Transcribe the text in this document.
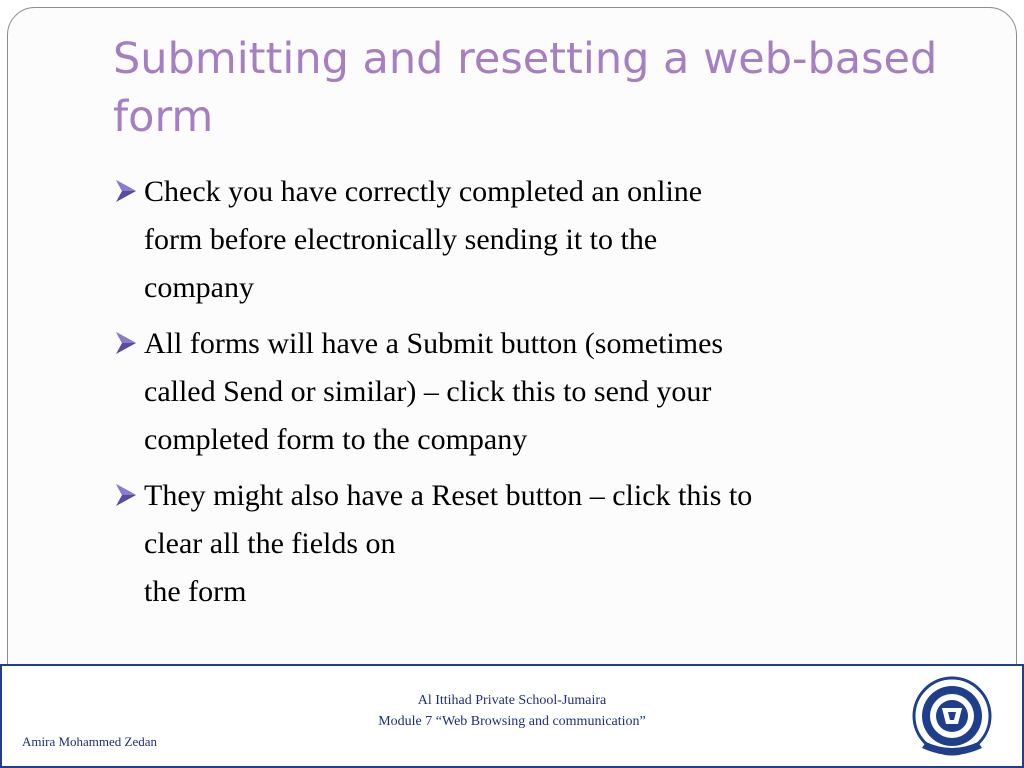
Submitting and resetting a web-based form
Check you have correctly completed an online
form before electronically sending it to the
company
All forms will have a Submit button (sometimes
called Send or similar) – click this to send your
completed form to the company
They might also have a Reset button – click this to
clear all the fields on
the form
Al Ittihad Private School-Jumaira
Module 7 “Web Browsing and communication”
Amira Mohammed Zedan
